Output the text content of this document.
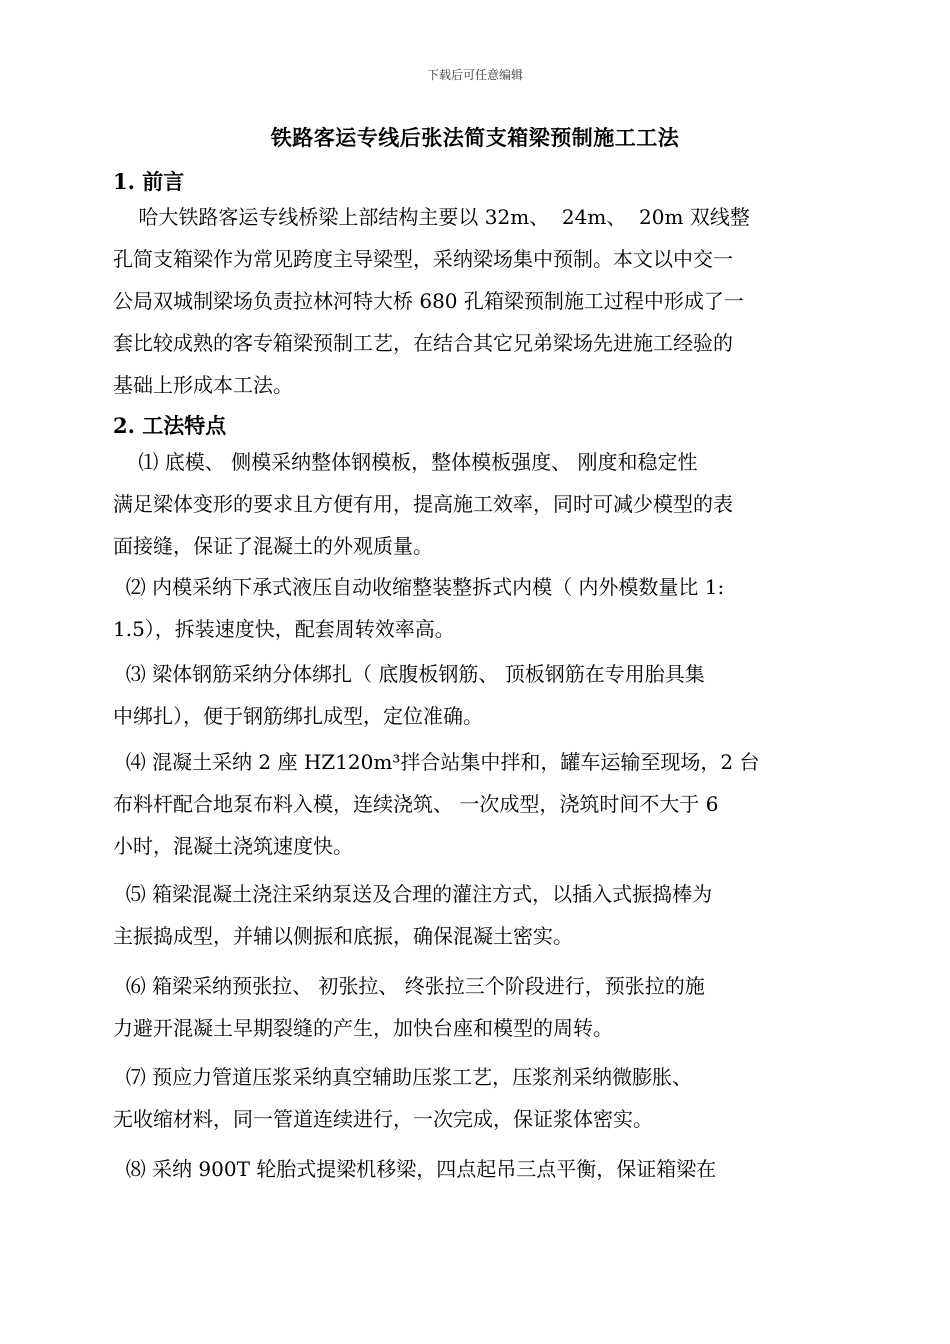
下载后可任意编辑
铁路客运专线后张法简支箱梁预制施工工法
1. 前言
哈大铁路客运专线桥梁上部结构主要以 32m、  24m、  20m 双线整
孔简支箱梁作为常见跨度主导梁型，采纳梁场集中预制。本文以中交一
公局双城制梁场负责拉林河特大桥 680 孔箱梁预制施工过程中形成了一
套比较成熟的客专箱梁预制工艺，在结合其它兄弟梁场先进施工经验的
基础上形成本工法。
2. 工法特点
⑴ 底模、 侧模采纳整体钢模板，整体模板强度、 刚度和稳定性
满足梁体变形的要求且方便有用，提高施工效率，同时可减少模型的表
面接缝，保证了混凝土的外观质量。
⑵ 内模采纳下承式液压自动收缩整装整拆式内模（ 内外模数量比 1:
1.5），拆装速度快，配套周转效率高。
⑶ 梁体钢筋采纳分体绑扎（ 底腹板钢筋、 顶板钢筋在专用胎具集
中绑扎），便于钢筋绑扎成型，定位准确。
⑷ 混凝土采纳 2 座 HZ120m³拌合站集中拌和，罐车运输至现场，2 台
布料杆配合地泵布料入模，连续浇筑、 一次成型，浇筑时间不大于 6
小时，混凝土浇筑速度快。
⑸ 箱梁混凝土浇注采纳泵送及合理的灌注方式，以插入式振捣棒为
主振捣成型，并辅以侧振和底振，确保混凝土密实。
⑹ 箱梁采纳预张拉、 初张拉、 终张拉三个阶段进行，预张拉的施
力避开混凝土早期裂缝的产生，加快台座和模型的周转。
⑺ 预应力管道压浆采纳真空辅助压浆工艺，压浆剂采纳微膨胀、
无收缩材料，同一管道连续进行，一次完成，保证浆体密实。
⑻ 采纳 900T 轮胎式提梁机移梁，四点起吊三点平衡，保证箱梁在
